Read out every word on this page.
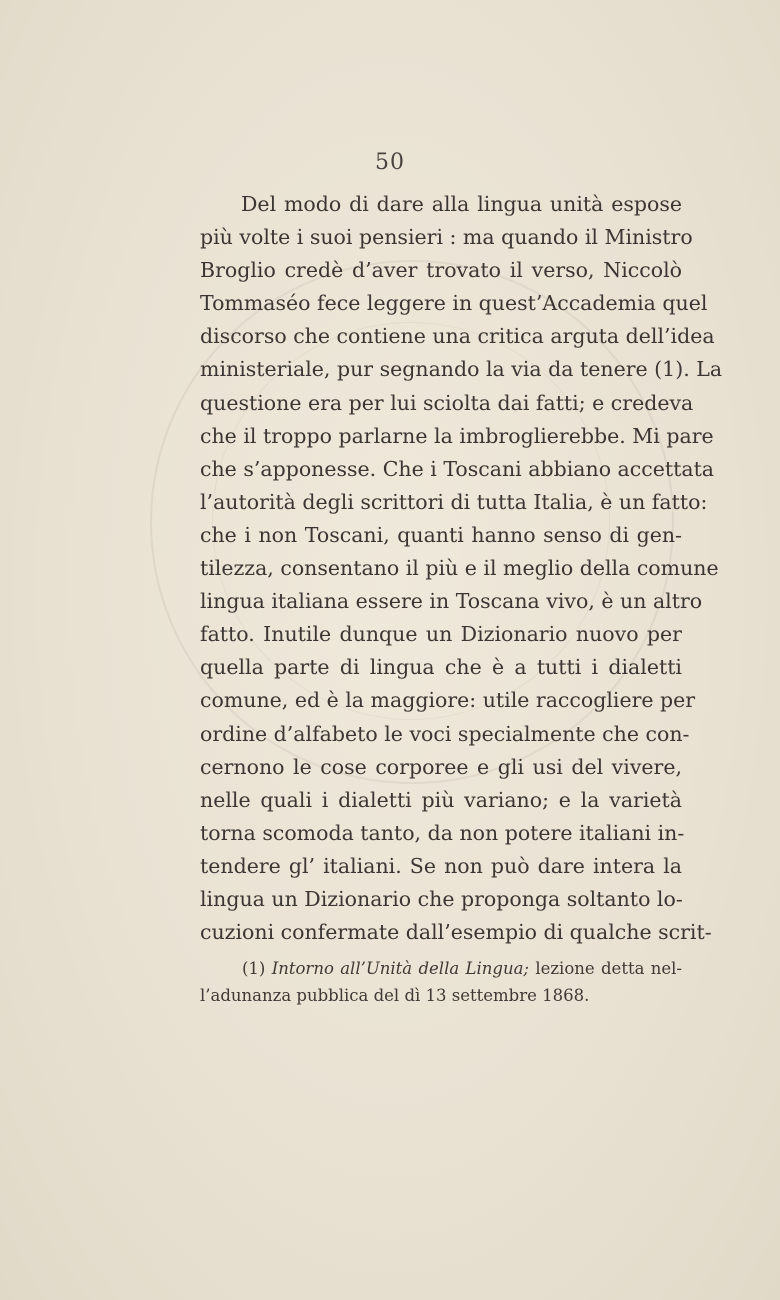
50
Del modo di dare alla lingua unità espose
più volte i suoi pensieri : ma quando il Ministro
Broglio credè d’aver trovato il verso, Niccolò
Tommaséo fece leggere in quest’Accademia quel
discorso che contiene una critica arguta dell’idea
ministeriale, pur segnando la via da tenere (1). La
questione era per lui sciolta dai fatti; e credeva
che il troppo parlarne la imbroglierebbe. Mi pare
che s’apponesse. Che i Toscani abbiano accettata
l’autorità degli scrittori di tutta Italia, è un fatto:
che i non Toscani, quanti hanno senso di gen-
tilezza, consentano il più e il meglio della comune
lingua italiana essere in Toscana vivo, è un altro
fatto. Inutile dunque un Dizionario nuovo per
quella parte di lingua che è a tutti i dialetti
comune, ed è la maggiore: utile raccogliere per
ordine d’alfabeto le voci specialmente che con-
cernono le cose corporee e gli usi del vivere,
nelle quali i dialetti più variano; e la varietà
torna scomoda tanto, da non potere italiani in-
tendere gl’ italiani. Se non può dare intera la
lingua un Dizionario che proponga soltanto lo-
cuzioni confermate dall’esempio di qualche scrit-
(1) Intorno all’Unità della Lingua; lezione detta nel-
l’adunanza pubblica del dì 13 settembre 1868.
